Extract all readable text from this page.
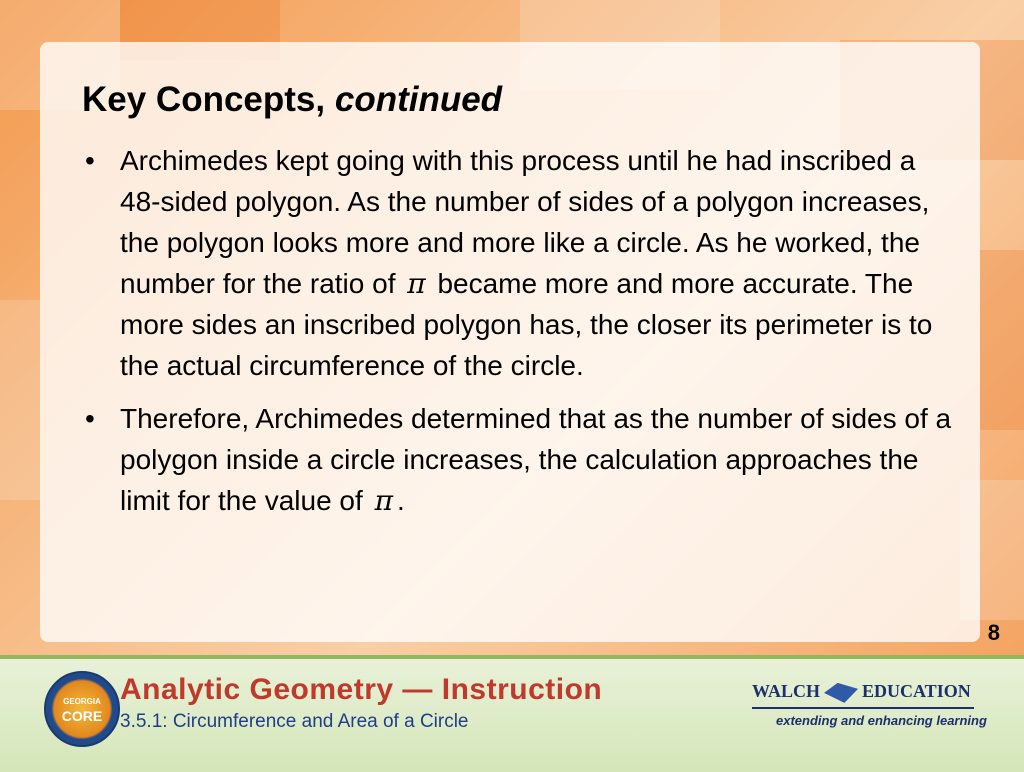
Key Concepts, continued
• Archimedes kept going with this process until he had inscribed a 48-sided polygon. As the number of sides of a polygon increases, the polygon looks more and more like a circle. As he worked, the number for the ratio of π became more and more accurate. The more sides an inscribed polygon has, the closer its perimeter is to the actual circumference of the circle.
• Therefore, Archimedes determined that as the number of sides of a polygon inside a circle increases, the calculation approaches the limit for the value of π .
8
GEORGIA
CORE
Analytic Geometry — Instruction
3.5.1: Circumference and Area of a Circle
WALCH EDUCATION
extending and enhancing learning
